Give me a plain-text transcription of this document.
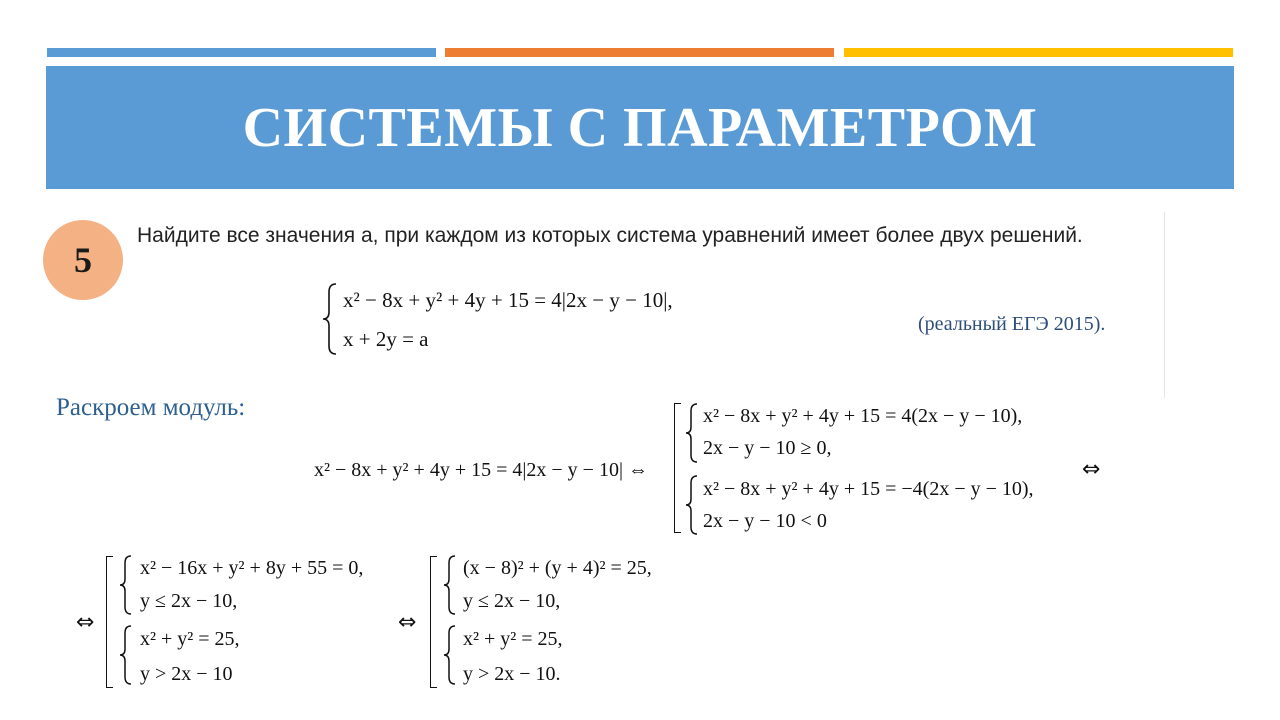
СИСТЕМЫ С ПАРАМЕТРОМ
5
Найдите все значения a, при каждом из которых система уравнений имеет более двух решений.
x² − 8x + y² + 4y + 15 = 4|2x − y − 10|,
x + 2y = a
(реальный ЕГЭ 2015).
Раскроем модуль:
x² − 8x + y² + 4y + 15 = 4|2x − y − 10| ⇔
x² − 8x + y² + 4y + 15 = 4(2x − y − 10),
2x − y − 10 ≥ 0,
x² − 8x + y² + 4y + 15 = −4(2x − y − 10),
2x − y − 10 < 0
⇔
⇔
x² − 16x + y² + 8y + 55 = 0,
y ≤ 2x − 10,
x² + y² = 25,
y > 2x − 10
⇔
(x − 8)² + (y + 4)² = 25,
y ≤ 2x − 10,
x² + y² = 25,
y > 2x − 10.
